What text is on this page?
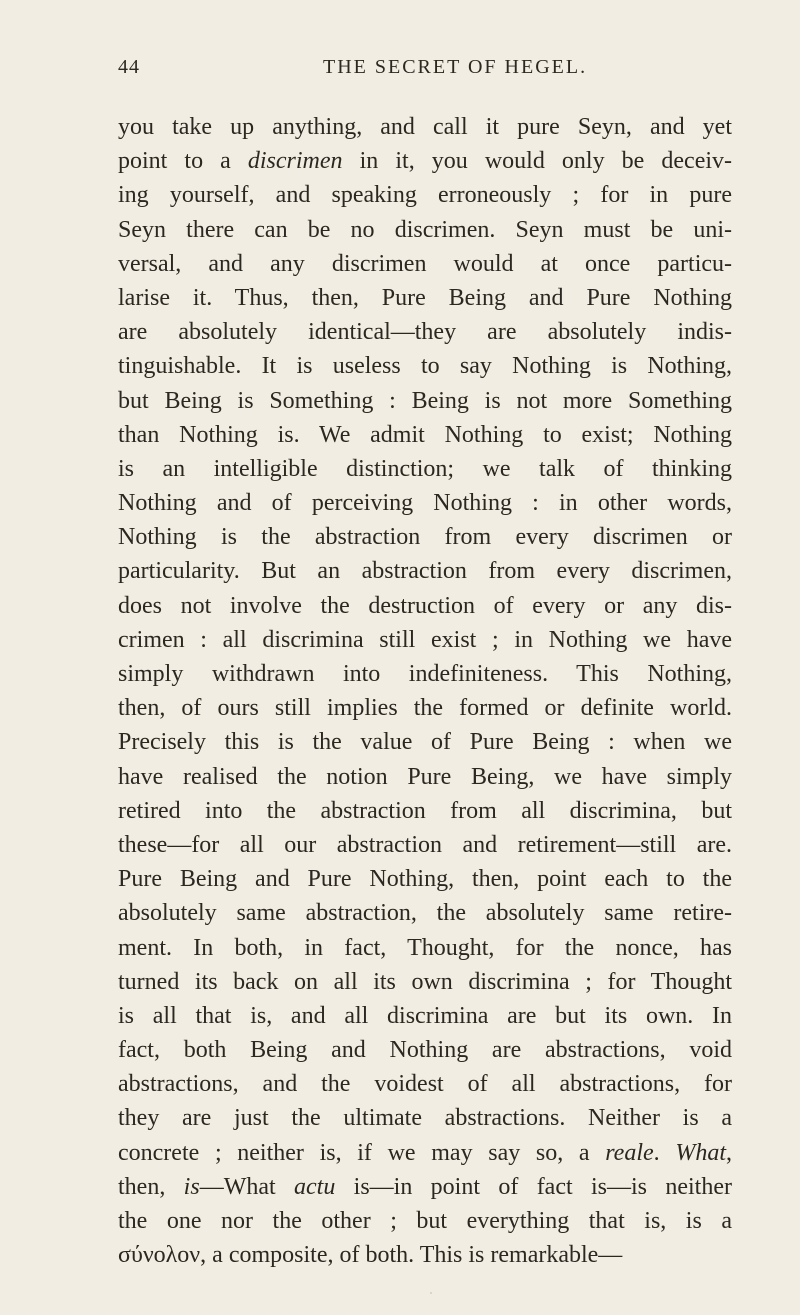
44	THE SECRET OF HEGEL.
you take up anything, and call it pure Seyn, and yet
point to a discrimen in it, you would only be deceiv-
ing yourself, and speaking erroneously ; for in pure
Seyn there can be no discrimen. Seyn must be uni-
versal, and any discrimen would at once particu-
larise it. Thus, then, Pure Being and Pure Nothing
are absolutely identical—they are absolutely indis-
tinguishable. It is useless to say Nothing is Nothing,
but Being is Something : Being is not more Something
than Nothing is. We admit Nothing to exist; Nothing
is an intelligible distinction; we talk of thinking
Nothing and of perceiving Nothing : in other words,
Nothing is the abstraction from every discrimen or
particularity. But an abstraction from every discrimen,
does not involve the destruction of every or any dis-
crimen : all discrimina still exist ; in Nothing we have
simply withdrawn into indefiniteness. This Nothing,
then, of ours still implies the formed or definite world.
Precisely this is the value of Pure Being : when we
have realised the notion Pure Being, we have simply
retired into the abstraction from all discrimina, but
these—for all our abstraction and retirement—still are.
Pure Being and Pure Nothing, then, point each to the
absolutely same abstraction, the absolutely same retire-
ment. In both, in fact, Thought, for the nonce, has
turned its back on all its own discrimina ; for Thought
is all that is, and all discrimina are but its own. In
fact, both Being and Nothing are abstractions, void
abstractions, and the voidest of all abstractions, for
they are just the ultimate abstractions. Neither is a
concrete ; neither is, if we may say so, a reale. What,
then, is—What actu is—in point of fact is—is neither
the one nor the other ; but everything that is, is a
σύνολον, a composite, of both. This is remarkable—
